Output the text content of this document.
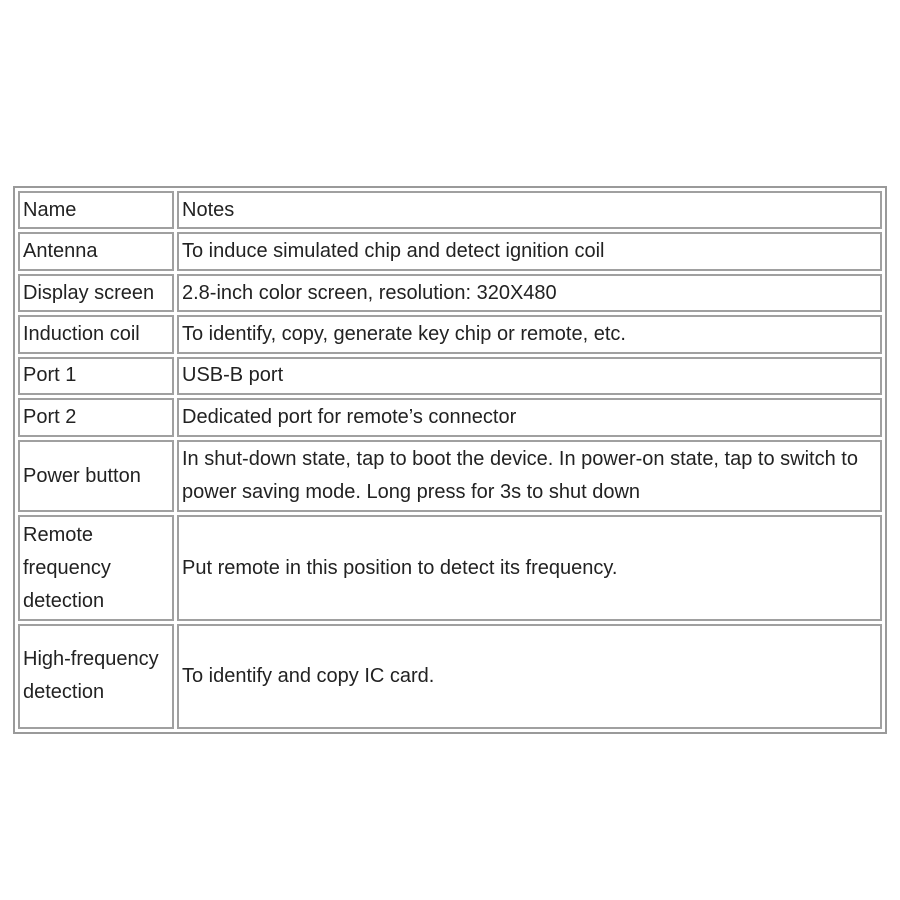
Name	Notes
Antenna	To induce simulated chip and detect ignition coil
Display screen	2.8-inch color screen, resolution: 320X480
Induction coil	To identify, copy, generate key chip or remote, etc.
Port 1	USB-B port
Port 2	Dedicated port for remote’s connector
Power button	In shut-down state, tap to boot the device. In power-on state, tap to switch to power saving mode. Long press for 3s to shut down
Remote frequency detection	Put remote in this position to detect its frequency.
High-frequency detection	To identify and copy IC card.
